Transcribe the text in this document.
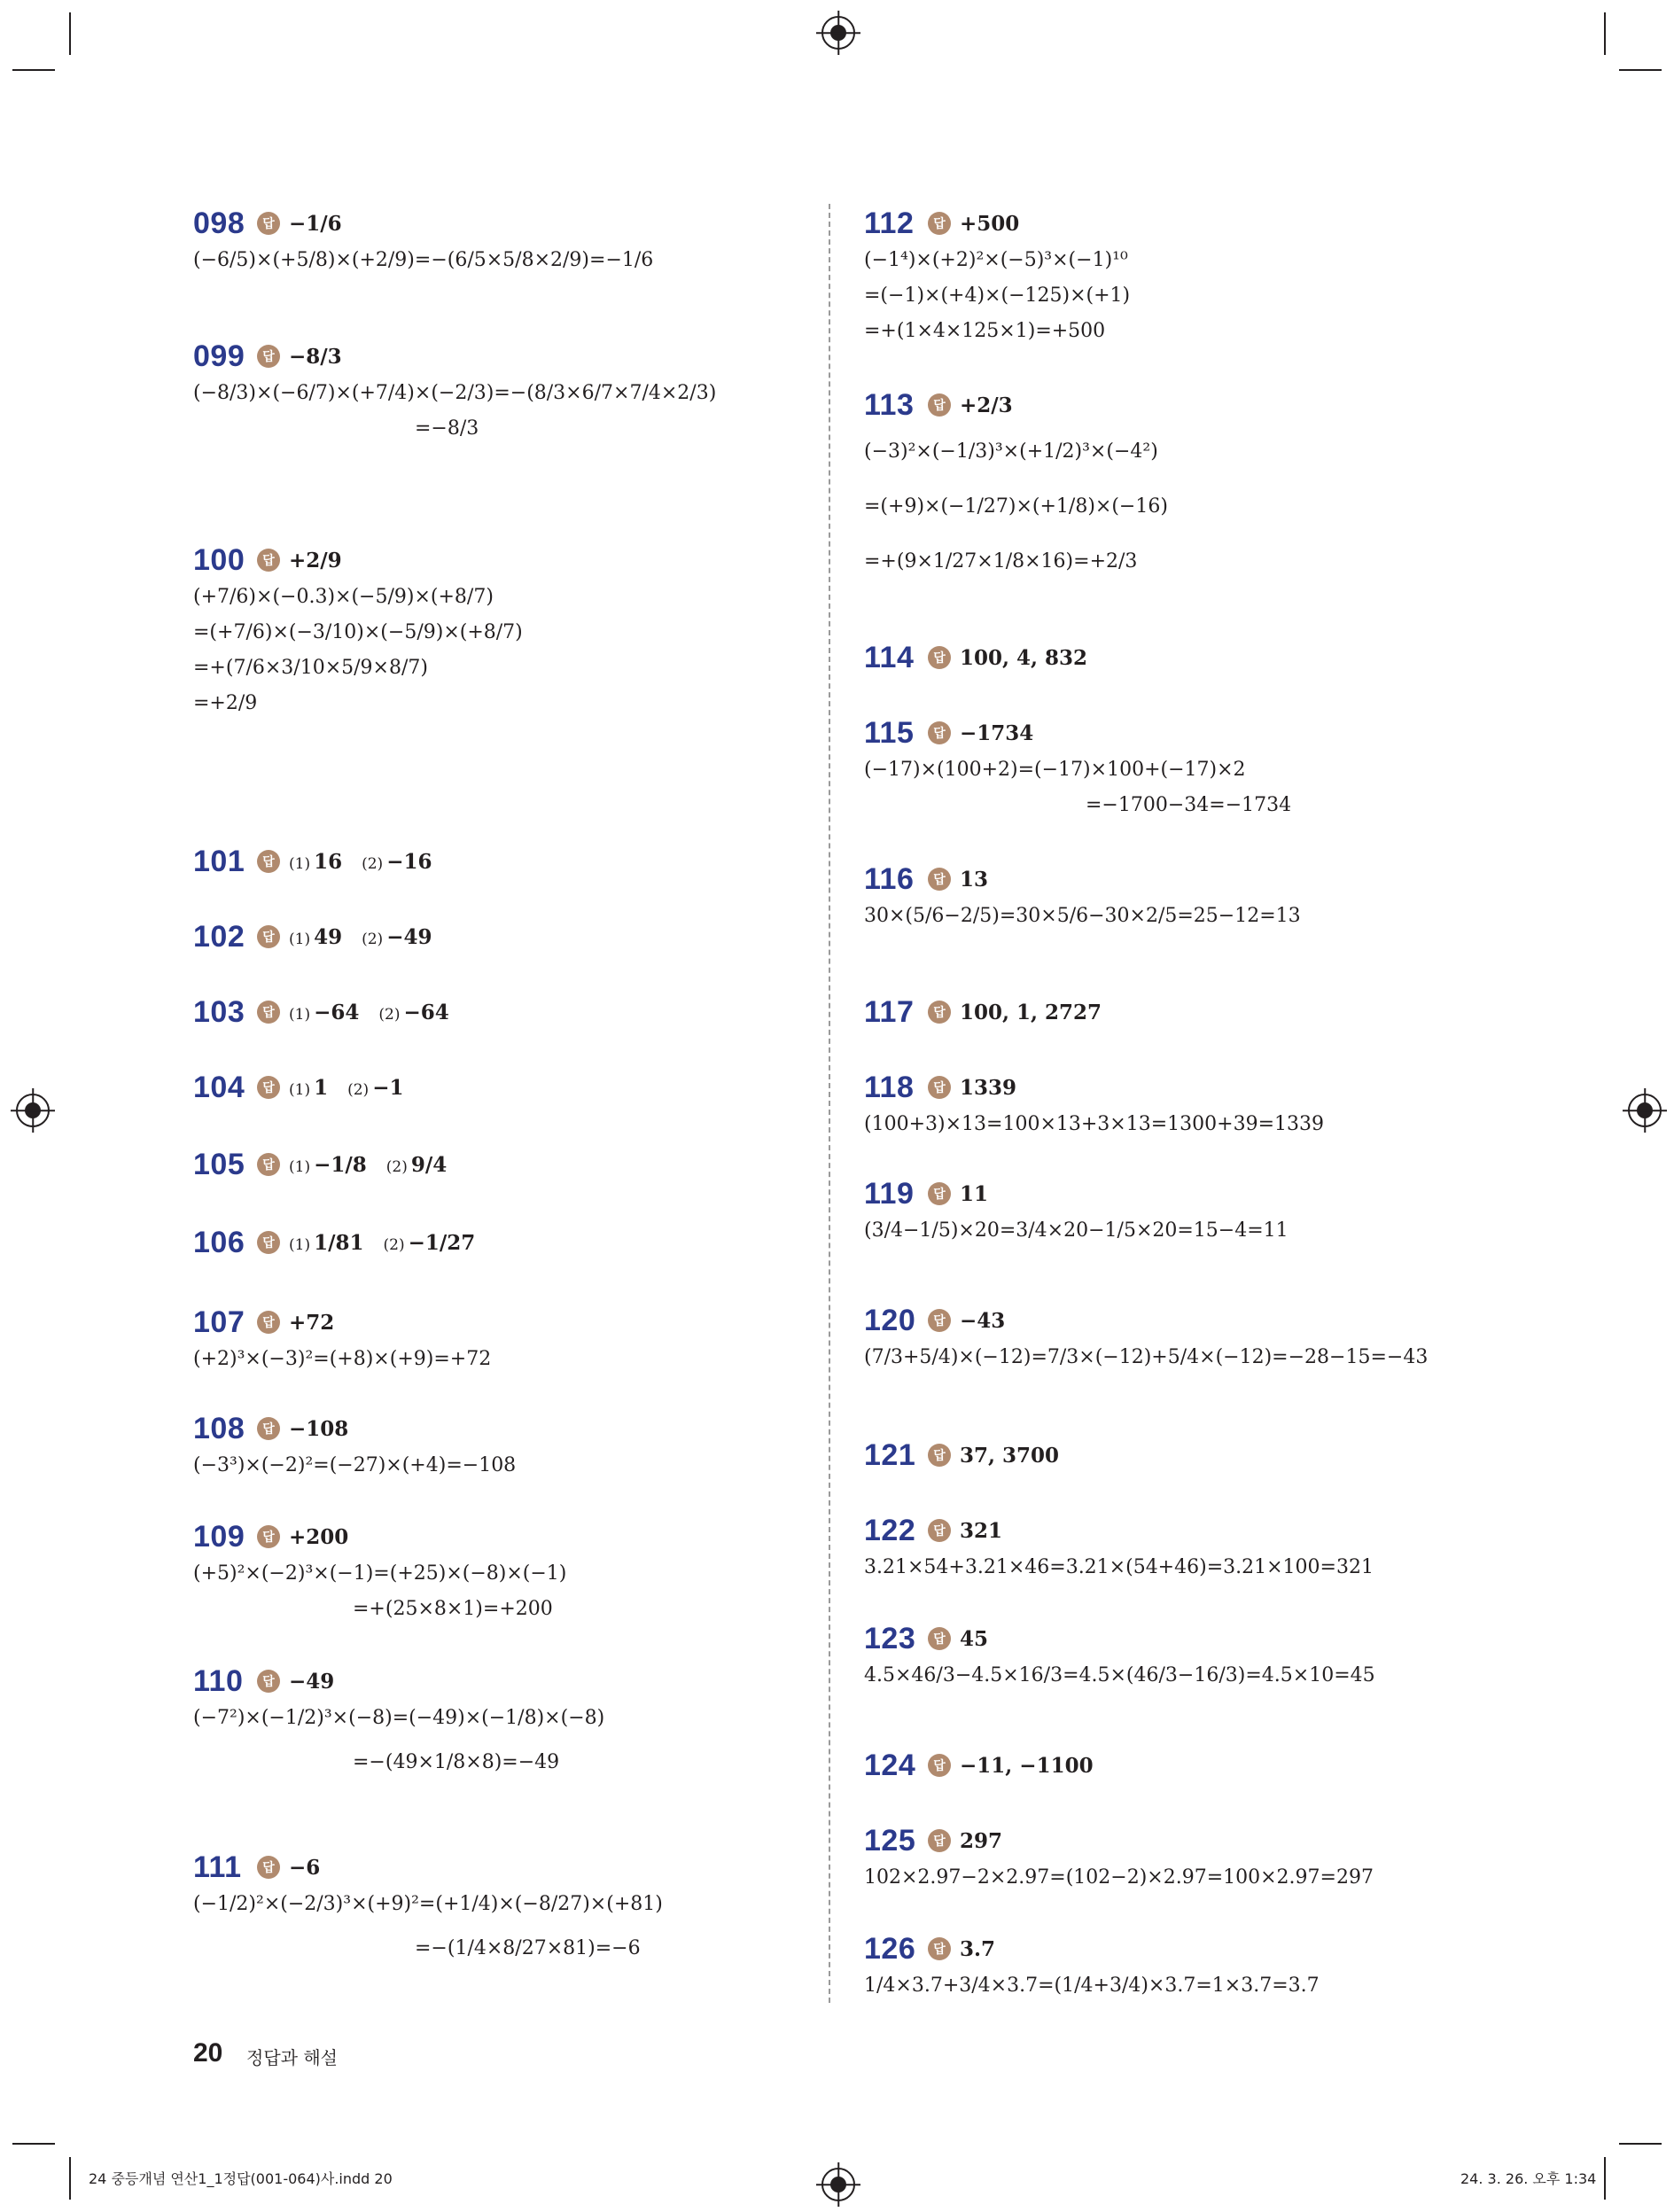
098	답 −1/6
(−6/5)×(+5/8)×(+2/9)=−(6/5×5/8×2/9)=−1/6
099	답 −8/3
(−8/3)×(−6/7)×(+7/4)×(−2/3)=−(8/3×6/7×7/4×2/3)
=−8/3
100	답 +2/9
(+7/6)×(−0.3)×(−5/9)×(+8/7)
=(+7/6)×(−3/10)×(−5/9)×(+8/7)
=+(7/6×3/10×5/9×8/7)
=+2/9
101	답 (1) 16 (2) −16
102	답 (1) 49 (2) −49
103	답 (1) −64 (2) −64
104	답 (1) 1 (2) −1
105	답 (1) −1/8 (2) 9/4
106	답 (1) 1/81 (2) −1/27
107	답 +72
(+2)³×(−3)²=(+8)×(+9)=+72
108	답 −108
(−3³)×(−2)²=(−27)×(+4)=−108
109	답 +200
(+5)²×(−2)³×(−1)=(+25)×(−8)×(−1)
=+(25×8×1)=+200
110	답 −49
(−7²)×(−1/2)³×(−8)=(−49)×(−1/8)×(−8)
=−(49×1/8×8)=−49
111	답 −6
(−1/2)²×(−2/3)³×(+9)²=(+1/4)×(−8/27)×(+81)
=−(1/4×8/27×81)=−6
112	답 +500
(−1⁴)×(+2)²×(−5)³×(−1)¹⁰
=(−1)×(+4)×(−125)×(+1)
=+(1×4×125×1)=+500
113	답 +2/3
(−3)²×(−1/3)³×(+1/2)³×(−4²)
=(+9)×(−1/27)×(+1/8)×(−16)
=+(9×1/27×1/8×16)=+2/3
114	답 100, 4, 832
115	답 −1734
(−17)×(100+2)=(−17)×100+(−17)×2
=−1700−34=−1734
116	답 13
30×(5/6−2/5)=30×5/6−30×2/5=25−12=13
117	답 100, 1, 2727
118	답 1339
(100+3)×13=100×13+3×13=1300+39=1339
119	답 11
(3/4−1/5)×20=3/4×20−1/5×20=15−4=11
120	답 −43
(7/3+5/4)×(−12)=7/3×(−12)+5/4×(−12)=−28−15=−43
121	답 37, 3700
122	답 321
3.21×54+3.21×46=3.21×(54+46)=3.21×100=321
123	답 45
4.5×46/3−4.5×16/3=4.5×(46/3−16/3)=4.5×10=45
124	답 −11, −1100
125	답 297
102×2.97−2×2.97=(102−2)×2.97=100×2.97=297
126	답 3.7
1/4×3.7+3/4×3.7=(1/4+3/4)×3.7=1×3.7=3.7
20 정답과 해설
24 중등개념 연산1_1정답(001-064)사.indd 20	24. 3. 26. 오후 1:34
